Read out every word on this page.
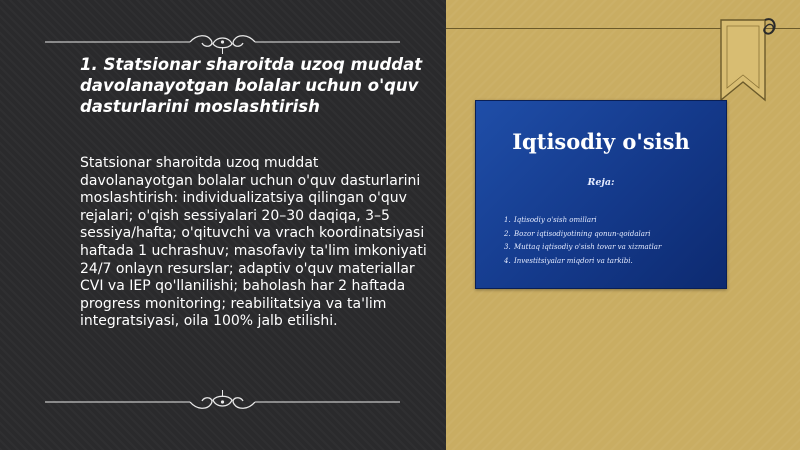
1. Statsionar sharoitda uzoq muddat davolanayotgan bolalar uchun o'quv dasturlarini moslashtirish

Statsionar sharoitda uzoq muddat davolanayotgan bolalar uchun o'quv dasturlarini moslashtirish: individualizatsiya qilingan o'quv rejalari; o'qish sessiyalari 20–30 daqiqa, 3–5 sessiya/hafta; o'qituvchi va vrach koordinatsiyasi haftada 1 uchrashuv; masofaviy ta'lim imkoniyati 24/7 onlayn resurslar; adaptiv o'quv materiallar CVI va IEP qo'llanilishi; baholash har 2 haftada progress monitoring; reabilitatsiya va ta'lim integratsiyasi, oila 100% jalb etilishi.

Iqtisodiy o'sish
Reja:
1. Iqtisodiy o'sish omillari
2. Bozor iqtisodiyotining qonun-qoidalari
3. Muttaq iqtisodiy o'sish tovar va xizmatlar
4. Investitsiyalar miqdori va tarkibi.
